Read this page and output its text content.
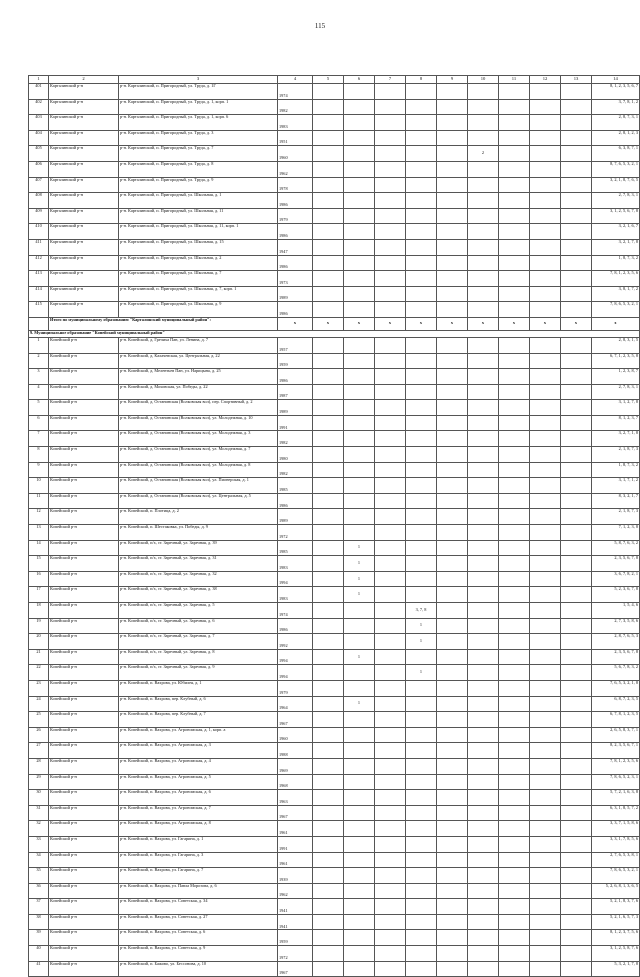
115
1	2	3	4	5	6	7	8	9	10	11	12	13	14
401	Карталинский р-н	р-н. Карталинский, п. Пригородный, ул. Труда, д. 1Г	1974										8, 1, 2, 3, 5, 6, 7
402	Карталинский р-н	р-н. Карталинский, п. Пригородный, ул. Труда, д. 1, корп. 1	1982										3, 7, 8, 1, 2
403	Карталинский р-н	р-н. Карталинский, п. Пригородный, ул. Труда, д. 1, корп. 6	1983										2, 8, 7, 3, 1
404	Карталинский р-н	р-н. Карталинский, п. Пригородный, ул. Труда, д. 3	1951										2, 8, 1, 2, 3
405	Карталинский р-н	р-н. Карталинский, п. Пригородный, ул. Труда, д. 7	1960						2				6, 3, 8, 7, 1
406	Карталинский р-н	р-н. Карталинский, п. Пригородный, ул. Труда, д. 8	1962										8, 7, 6, 5, 3, 2, 1
407	Карталинский р-н	р-н. Карталинский, п. Пригородный, ул. Труда, д. 9	1978										3, 2, 1, 8, 7, 6, 5
408	Карталинский р-н	р-н. Карталинский, п. Пригородный, ул. Школьная, д. 1	1986										2, 7, 8, 3, 1
409	Карталинский р-н	р-н. Карталинский, п. Пригородный, ул. Школьная, д. 11	1979										3, 1, 2, 5, 6, 7, 8
410	Карталинский р-н	р-н. Карталинский, п. Пригородный, ул. Школьная, д. 11, корп. 1	1986										3, 2, 1, 6, 7
411	Карталинский р-н	р-н. Карталинский, п. Пригородный, ул. Школьная, д. 15	1947										3, 2, 1, 7, 8
412	Карталинский р-н	р-н. Карталинский, п. Пригородный, ул. Школьная, д. 2	1986										1, 8, 7, 3, 2
413	Карталинский р-н	р-н. Карталинский, п. Пригородный, ул. Школьная, д. 7	1973										7, 8, 1, 2, 3, 5, 6
414	Карталинский р-н	р-н. Карталинский, п. Пригородный, ул. Школьная, д. 7, корп. 1	1989										3, 8, 1, 7, 2
415	Карталинский р-н	р-н. Карталинский, п. Пригородный, ул. Школьная, д. 9	1986										7, 8, 6, 5, 3, 2, 1
	Итого по муниципальному образованию "Карталинский муниципальный район":		x	x	x	x	x	x	x	x	x	x	x
9. Муниципальное образование "Копейский муниципальный район"													
1	Копейский р-н	р-н. Копейский, д. Гречиха Пан, ул. Ленина, д. 7	1957										2, 8, 3, 1, 5
2	Копейский р-н	р-н. Копейский, д. Калачевская, ул. Центральная, д. 22	1959										6, 7, 1, 2, 3, 5, 8
3	Копейский р-н	р-н. Копейский, д. Мелентьев Пан, ул. Нарицына, д. 25	1986										1, 2, 3, 8, 7
4	Копейский р-н	р-н. Копейский, д. Моховская, ул. Победы, д. 22	1987										2, 7, 8, 3, 1
5	Копейский р-н	р-н. Копейский, д. Останинская (Волковская вол), пер. Спортивный, д. 2	1989										3, 1, 2, 7, 8
6	Копейский р-н	р-н. Копейский, д. Останинская (Волковская вол), ул. Молодежная, д. 10	1991										8, 1, 2, 3, 7
7	Копейский р-н	р-н. Копейский, д. Останинская (Волковская вол), ул. Молодежная, д. 3	1982										3, 2, 7, 1, 8
8	Копейский р-н	р-н. Копейский, д. Останинская (Волковская вол), ул. Молодежная, д. 7	1980										2, 1, 8, 7, 3
9	Копейский р-н	р-н. Копейский, д. Останинская (Волковская вол), ул. Молодежная, д. 8	1982										1, 8, 7, 3, 2
10	Копейский р-н	р-н. Копейский, д. Останинская (Волковская вол), ул. Пионерская, д. 1	1985										3, 1, 7, 1, 2
11	Копейский р-н	р-н. Копейский, д. Останинская (Волковская вол), ул. Центральная, д. 5	1986										8, 3, 2, 1, 7
12	Копейский р-н	р-н. Копейский, п. Плотица, д. 2	1989										2, 1, 8, 7, 3
13	Копейский р-н	р-н. Копейский, п. Шестаковка, ул. Победы, д. 9	1972										7, 1, 2, 3, 8
14	Копейский р-н	р-н. Копейский, п/х, ст. Заречный, ул. Заречная, д. 39	1985		1								5, 8, 7, 6, 3, 2
15	Копейский р-н	р-н. Копейский, п/х, ст. Заречный, ул. Заречная, д. 31	1983		1								2, 3, 5, 6, 7, 8
16	Копейский р-н	р-н. Копейский, п/х, ст. Заречный, ул. Заречная, д. 32	1994		1								3, 6, 7, 8, 2, 1
17	Копейский р-н	р-н. Копейский, п/х, ст. Заречный, ул. Заречная, д. 38	1983		1								5, 2, 3, 6, 7, 8
18	Копейский р-н	р-н. Копейский, п/х, ст. Заречный, ул. Заречная, д. 5	1974				3, 7, 8						1, 5, 4, 6
19	Копейский р-н	р-н. Копейский, п/х, ст. Заречный, ул. Заречная, д. 6	1986				1						2, 7, 3, 5, 8, 6
20	Копейский р-н	р-н. Копейский, п/х, ст. Заречный, ул. Заречная, д. 7	1992				1						2, 8, 7, 6, 5, 3
21	Копейский р-н	р-н. Копейский, п/х, ст. Заречный, ул. Заречная, д. 8	1994		1								2, 3, 5, 6, 7, 8
22	Копейский р-н	р-н. Копейский, п/х, ст. Заречный, ул. Заречная, д. 9	1994				1						5, 6, 7, 8, 3, 2
23	Копейский р-н	р-н. Копейский, п. Вахрова, ул. Юбилея, д. 1	1979										7, 6, 5, 3, 2, 1, 8
24	Копейский р-н	р-н. Копейский, п. Вахрова, пер. Клубный, д. 6	1964		1								6, 8, 7, 2, 3, 5
25	Копейский р-н	р-н. Копейский, п. Вахрова, пер. Клубный, д. 7	1967										6, 7, 8, 1, 2, 3, 5
26	Копейский р-н	р-н. Копейский, п. Вахрова, ул. Агрономская, д. 1, корп. а	1960										2, 6, 5, 8, 3, 7, 1
27	Копейский р-н	р-н. Копейский, п. Вахрова, ул. Агрономская, д. 3	1988										8, 2, 3, 5, 6, 7, 1
28	Копейский р-н	р-н. Копейский, п. Вахрова, ул. Агрономская, д. 4	1969										7, 8, 1, 2, 3, 5, 6
29	Копейский р-н	р-н. Копейский, п. Вахрова, ул. Агрономская, д. 5	1968										7, 8, 6, 5, 2, 3, 1
30	Копейский р-н	р-н. Копейский, п. Вахрова, ул. Агрономская, д. 6	1963										5, 7, 2, 1, 6, 3, 8
31	Копейский р-н	р-н. Копейский, п. Вахрова, ул. Агрономская, д. 7	1967										6, 3, 1, 8, 5, 7, 2
32	Копейский р-н	р-н. Копейский, п. Вахрова, ул. Агрономская, д. 8	1961										3, 3, 7, 1, 5, 8, 6
33	Копейский р-н	р-н. Копейский, п. Вахрова, ул. Гагарина, д. 1	1991										3, 3, 1, 7, 8, 5, 6
34	Копейский р-н	р-н. Копейский, п. Вахрова, ул. Гагарина, д. 3	1961										2, 7, 6, 5, 3, 8, 1
35	Копейский р-н	р-н. Копейский, п. Вахрова, ул. Гагарина, д. 7	1939										7, 8, 6, 5, 3, 2, 1
36	Копейский р-н	р-н. Копейский, п. Вахрова, ул. Павла Морозова, д. 6	1962										5, 2, 6, 8, 1, 3, 6, 5
37	Копейский р-н	р-н. Копейский, п. Вахрова, ул. Советская, д. 34	1941										5, 2, 1, 8, 3, 7, 6
38	Копейский р-н	р-н. Копейский, п. Вахрова, ул. Советская, д. 27	1941										5, 2, 1, 6, 5, 7, 3
39	Копейский р-н	р-н. Копейский, п. Вахрова, ул. Советская, д. 6	1959										8, 1, 2, 3, 7, 5, 6
40	Копейский р-н	р-н. Копейский, п. Вахрова, ул. Советская, д. 9	1972										3, 1, 2, 5, 8, 7, 6
41	Копейский р-н	р-н. Копейский, п. Бажово, ул. Бессонова, д. 10	1967										5, 3, 2, 1, 7, 8
